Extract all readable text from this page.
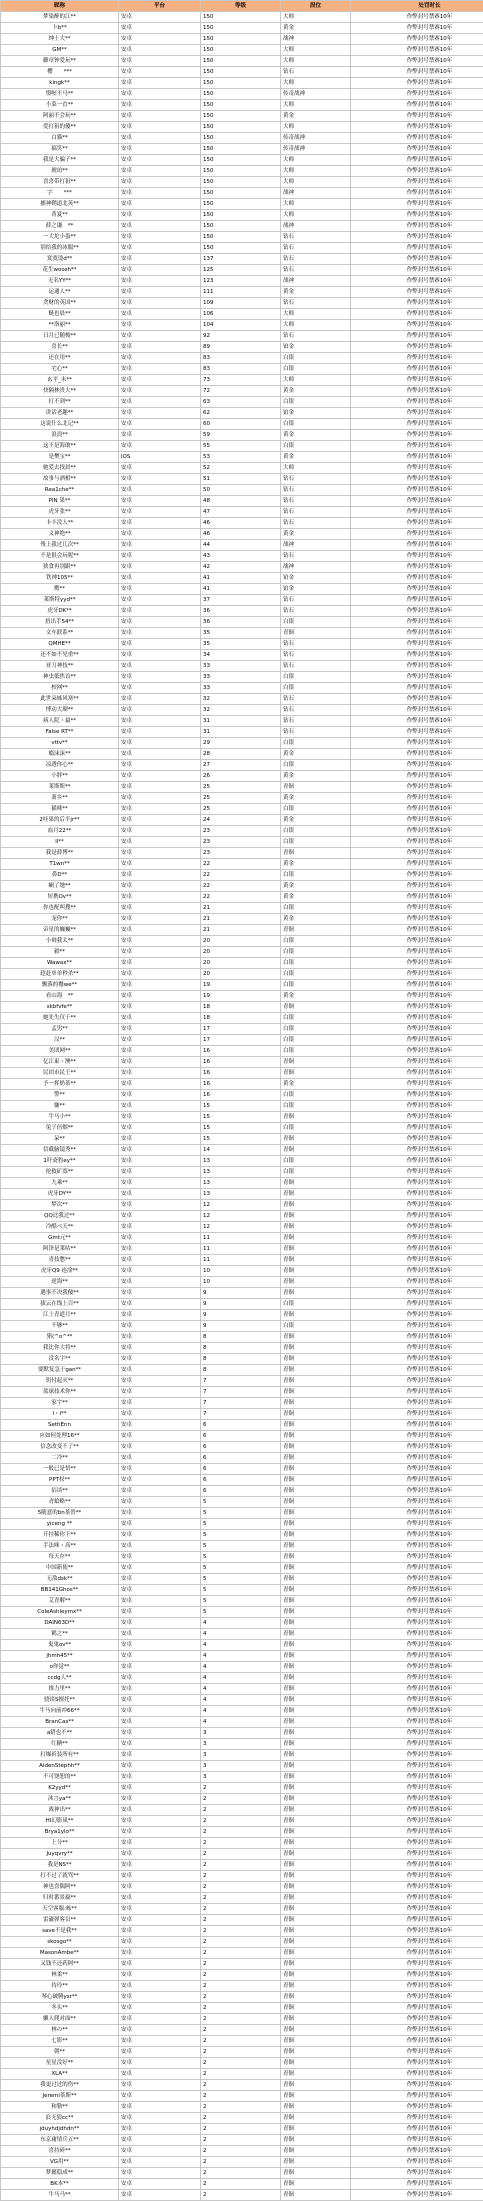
昵称	平台	等级	段位	处罚时长
梦染醉的江**	安卓	150	大师	作弊封号禁赛10年
卜b**	安卓	150	黄金	作弊封号禁赛10年
绅士大**	安卓	150	战神	作弊封号禁赛10年
GM**	安卓	150	大师	作弊封号禁赛10年
御章钟爱玩**	安卓	150	大师	作弊封号禁赛10年
樱　　***	安卓	150	钻石	作弊封号禁赛10年
kingk**	安卓	150	大师	作弊封号禁赛10年
憬喔不马**	安卓	150	传奇战神	作弊封号禁赛10年
小菜一直**	安卓	150	大师	作弊封号禁赛10年
阿丽不会玩**	安卓	150	黄金	作弊封号禁赛10年
爱打狙的傻**	安卓	150	大师	作弊封号禁赛10年
白猫**	安卓	150	传奇战神	作弊封号禁赛10年
搞笑**	安卓	150	传奇战神	作弊封号禁赛10年
我是大骗子**	安卓	150	大师	作弊封号禁赛10年
琥珀**	安卓	150	大师	作弊封号禁赛10年
喜喜带打狙**	安卓	150	大师	作弊封号禁赛10年
字　　***	安卓	150	战神	作弊封号禁赛10年
捕神鞘道北英**	安卓	150	大师	作弊封号禁赛10年
菁夏**	安卓	150	大师	作弊封号禁赛10年
薛之谦　**	安卓	150	战神	作弊封号禁赛10年
一大坨小蛋**	安卓	150	钻石	作弊封号禁赛10年
别给我的冰服**	安卓	150	钻石	作弊封号禁赛10年
寞寞烫d**	安卓	137	钻石	作弊封号禁赛10年
花生woosh**	安卓	125	钻石	作弊封号禁赛10年
无名YY**	安卓	123	战神	作弊封号禁赛10年
运通人**	安卓	111	黄金	作弊封号禁赛10年
贪财的英国**	安卓	109	钻石	作弊封号禁赛10年
鲢也晨**	安卓	106	大师	作弊封号禁赛10年
**洛丽**	安卓	104	大师	作弊封号禁赛10年
日月已随梭**	安卓	92	钻石	作弊封号禁赛10年
喜长**	安卓	89	铂金	作弊封号禁赛10年
还在用**	安卓	83	白银	作弊封号禁赛10年
宅心**	安卓	83	白银	作弊封号禁赛10年
玄平_未**	安卓	73	大师	作弊封号禁赛10年
快隔林贵大**	安卓	72	黄金	作弊封号禁赛10年
打不到**	安卓	63	白银	作弊封号禁赛10年
讲话老趣**	安卓	62	铂金	作弊封号禁赛10年
这说什么北记**	安卓	60	白银	作弊封号禁赛10年
浪浪**	安卓	59	黄金	作弊封号禁赛10年
这不是海敢**	安卓	55	白银	作弊封号禁赛10年
是樊宝**	iOS	53	黄金	作弊封号禁赛10年
她爱去找晨**	安卓	52	大师	作弊封号禁赛10年
故事与酒相**	安卓	51	钻石	作弊封号禁赛10年
Rea1che**	安卓	50	钻石	作弊封号禁赛10年
PIN 果**	安卓	48	钻石	作弊封号禁赛10年
虎牙张**	安卓	47	钻石	作弊封号禁赛10年
卡丰没人**	安卓	46	钻石	作弊封号禁赛10年
义神绝**	安卓	46	黄金	作弊封号禁赛10年
残上我过几次**	安卓	44	战神	作弊封号禁赛10年
不是很会玩呢**	安卓	43	钻石	作弊封号禁赛10年
狭食再别跟**	安卓	42	战神	作弊封号禁赛10年
铁神105**	安卓	41	铂金	作弊封号禁赛10年
鹰**	安卓	41	铂金	作弊封号禁赛10年
莱斯特yyd**	安卓	37	钻石	作弊封号禁赛10年
虎牙DK**	安卓	36	钻石	作弊封号禁赛10年
扭出手54**	安卓	36	白银	作弊封号禁赛10年
文车联系**	安卓	35	青铜	作弊封号禁赛10年
QMHE**	安卓	35	钻石	作弊封号禁赛10年
还不如不见重**	安卓	34	钻石	作弊封号禁赛10年
亚刀神技**	安卓	33	钻石	作弊封号禁赛10年
神虫低焦首**	安卓	33	白银	作弊封号禁赛10年
校网**	安卓	33	白银	作弊封号禁赛10年
此世朵姊风寒**	安卓	32	钻石	作弊封号禁赛10年
博动大瑚**	安卓	32	钻石	作弊封号禁赛10年
病人院・最**	安卓	31	钻石	作弊封号禁赛10年
False RT**	安卓	31	钻石	作弊封号禁赛10年
vttv**	安卓	29	白银	作弊封号禁赛10年
瘾沫沫**	安卓	28	黄金	作弊封号禁赛10年
凉透你心**	安卓	27	白银	作弊封号禁赛10年
小胖**	安卓	26	黄金	作弊封号禁赛10年
莱斯斯**	安卓	25	青铜	作弊封号禁赛10年
萧乡**	安卓	25	黄金	作弊封号禁赛10年
猫咪**	安卓	25	白银	作弊封号禁赛10年
2哇果的后半jr**	安卓	24	黄金	作弊封号禁赛10年
血月22**	安卓	23	白银	作弊封号禁赛10年
ll**	安卓	23	白银	作弊封号禁赛10年
我是薛博**	安卓	23	青铜	作弊封号禁赛10年
T1wn**	安卓	22	黄金	作弊封号禁赛10年
鼻D**	安卓	22	白银	作弊封号禁赛10年
瘌了她**	安卓	22	黄金	作弊封号禁赛10年
短携Ov**	安卓	22	黄金	作弊封号禁赛10年
你也配叫搜**	安卓	21	白银	作弊封号禁赛10年
宠你**	安卓	21	黄金	作弊封号禁赛10年
帝星的巍巍**	安卓	21	青铜	作弊封号禁赛10年
小辩我太**	安卓	20	白银	作弊封号禁赛10年
毅**	安卓	20	白银	作弊封号禁赛10年
Wawax**	安卓	20	白银	作弊封号禁赛10年
趁赶单单秒杀**	安卓	20	白银	作弊封号禁赛10年
飘落的餐we**	安卓	19	白银	作弊封号禁赛10年
看山海　**	安卓	19	黄金	作弊封号禁赛10年
skbfvfe**	安卓	18	青铜	作弊封号禁赛10年
她先失仅于**	安卓	18	白银	作弊封号禁赛10年
孟男**	安卓	17	白银	作弊封号禁赛10年
汉**	安卓	17	白银	作弊封号禁赛10年
美团网**	安卓	16	白银	作弊封号禁赛10年
亿江東・澳**	安卓	16	青铜	作弊封号禁赛10年
民団市民王**	安卓	16	青铜	作弊封号禁赛10年
予一挥奶茶**	安卓	16	黄金	作弊封号禁赛10年
警**	安卓	16	白银	作弊封号禁赛10年
嫌**	安卓	15	白银	作弊封号禁赛10年
牛马小**	安卓	15	青铜	作弊封号禁赛10年
兔子倍烟**	安卓	15	白银	作弊封号禁赛10年
呆**	安卓	15	青铜	作弊封号禁赛10年
信截脑镜秀**	安卓	14	青铜	作弊封号禁赛10年
1吁斋豹ey**	安卓	13	白银	作弊封号禁赛10年
抢救矿寡**	安卓	13	白银	作弊封号禁赛10年
九乘**	安卓	13	青铜	作弊封号禁赛10年
虎牙DY**	安卓	13	青铜	作弊封号禁赛10年
梦次**	安卓	12	青铜	作弊封号禁赛10年
QQ比我过**	安卓	12	青铜	作弊封号禁赛10年
冷酷べ天**	安卓	12	青铜	作弊封号禁赛10年
Gmt元**	安卓	11	青铜	作弊封号禁赛10年
阿泽是莱咕**	安卓	11	青铜	作弊封号禁赛10年
青技憋**	安卓	11	青铜	作弊封号禁赛10年
虎牙Q9 连淦**	安卓	10	青铜	作弊封号禁赛10年
逆海**	安卓	10	青铜	作弊封号禁赛10年
遇事不决我傻**	安卓	9	青铜	作弊封号禁赛10年
拔云在线上百**	安卓	9	白银	作弊封号禁赛10年
江上青道月**	安卓	9	青铜	作弊封号禁赛10年
不够**	安卓	9	白银	作弊封号禁赛10年
猪(^o^**	安卓	8	青铜	作弊封号禁赛10年
我比你大将**	安卓	8	青铜	作弊封号禁赛10年
没名字**	安卓	8	青铜	作弊封号禁赛10年
要默复急于gan**	安卓	8	青铜	作弊封号禁赛10年
钥付起灭**	安卓	7	青铜	作弊封号禁赛10年
蓝球技术你**	安卓	7	青铜	作弊封号禁赛10年
家宇**	安卓	7	青铜	作弊封号禁赛10年
l・l**	安卓	7	青铜	作弊封号禁赛10年
SethEnn	安卓	6	青铜	作弊封号禁赛10年
应如何处理16**	安卓	6	青铜	作弊封号禁赛10年
信念改变不了**	安卓	6	青铜	作弊封号禁赛10年
二冷**	安卓	6	青铜	作弊封号禁赛10年
一般已是悟**	安卓	6	青铜	作弊封号禁赛10年
PPT权**	安卓	6	青铜	作弊封号禁赛10年
佰谈**	安卓	6	青铜	作弊封号禁赛10年
青蛤略**	安卓	5	青铜	作弊封号禁赛10年
5随意的bn茶贵**	安卓	5	青铜	作弊封号禁赛10年
yiceng **	安卓	5	青铜	作弊封号禁赛10年
开挂稀你下**	安卓	5	青铜	作弊封号禁赛10年
手法咪・高**	安卓	5	青铜	作弊封号禁赛10年
每天存**	安卓	5	青铜	作弊封号禁赛10年
中国新使**	安卓	5	青铜	作弊封号禁赛10年
无敌dsk**	安卓	5	青铜	作弊封号禁赛10年
BB141Ghos**	安卓	5	青铜	作弊封号禁赛10年
艾青解**	安卓	5	青铜	作弊封号禁赛10年
ColeAshleymx**	安卓	5	青铜	作弊封号禁赛10年
DAIN63D**	安卓	4	青铜	作弊封号禁赛10年
鹤之**	安卓	4	青铜	作弊封号禁赛10年
鬼鬼ov**	安卓	4	青铜	作弊封号禁赛10年
jhmh45**	安卓	4	青铜	作弊封号禁赛10年
o你觉**	安卓	4	青铜	作弊封号禁赛10年
ccdg人**	安卓	4	青铜	作弊封号禁赛10年
推力里**	安卓	4	青铜	作弊封号禁赛10年
骁谈S擅托**	安卓	4	青铜	作弊封号禁赛10年
牛马向前冲66**	安卓	4	青铜	作弊封号禁赛10年
BranCas**	安卓	4	青铜	作弊封号禁赛10年
a错也不**	安卓	3	青铜	作弊封号禁赛10年
红糖**	安卓	3	青铜	作弊封号禁赛10年
打爆祈装所有**	安卓	3	青铜	作弊封号禁赛10年
AidenStephh**	安卓	3	青铜	作弊封号禁赛10年
不可饶恕的**	安卓	3	青铜	作弊封号禁赛10年
K2yyd**	安卓	2	青铜	作弊封号禁赛10年
沐言ya**	安卓	2	青铜	作弊封号禁赛10年
战神出**	安卓	2	青铜	作弊封号禁赛10年
Hl幻影岚**	安卓	2	青铜	作弊封号禁赛10年
Brya1ylo**	安卓	2	青铜	作弊封号禁赛10年
上分**	安卓	2	青铜	作弊封号禁赛10年
Juyqvry**	安卓	2	青铜	作弊封号禁赛10年
我是NS**	安卓	2	青铜	作弊封号禁赛10年
打不过了就骂**	安卓	2	青铜	作弊封号禁赛10年
神也喜偶阿**	安卓	2	青铜	作弊封号禁赛10年
归时番景嬴**	安卓	2	青铜	作弊封号禁赛10年
天空客服:栋**	安卓	2	青铜	作弊封号禁赛10年
雷磁弹客员**	安卓	2	青铜	作弊封号禁赛10年
save不是我**	安卓	2	青铜	作弊封号禁赛10年
skosgo**	安卓	2	青铜	作弊封号禁赛10年
MasonAmbe**	安卓	2	青铜	作弊封号禁赛10年
又钱不还药阿**	安卓	2	青铜	作弊封号禁赛10年
林柔**	安卓	2	青铜	作弊封号禁赛10年
持玲**	安卓	2	青铜	作弊封号禁赛10年
琴心破腾ysr**	安卓	2	青铜	作弊封号禁赛10年
冬头**	安卓	2	青铜	作弊封号禁赛10年
懒人爬对面**	安卓	2	青铜	作弊封号禁赛10年
林の**	安卓	2	青铜	作弊封号禁赛10年
七影**	安卓	2	青铜	作弊封号禁赛10年
朝**	安卓	2	青铜	作弊封号禁赛10年
星星没好**	安卓	2	青铜	作弊封号禁赛10年
XLA**	安卓	2	青铜	作弊封号禁赛10年
我更过过的伤**	安卓	2	青铜	作弊封号禁赛10年
Jeremi茶斯**	安卓	2	青铜	作弊封号禁赛10年
和勒**	安卓	2	青铜	作弊封号禁赛10年
浪无狼cc**	安卓	2	青铜	作弊封号禁赛10年
jduyhdjdhdn**	安卓	2	青铜	作弊封号禁赛10年
东京庸情兵五**	安卓	2	青铜	作弊封号禁赛10年
喜持碎**	安卓	2	青铜	作弊封号禁赛10年
VG用**	安卓	2	青铜	作弊封号禁赛10年
梦麗稳成**	安卓	2	青铜	作弊封号禁赛10年
BK本**	安卓	2	青铜	作弊封号禁赛10年
牛马马**	安卓	2	青铜	作弊封号禁赛10年
